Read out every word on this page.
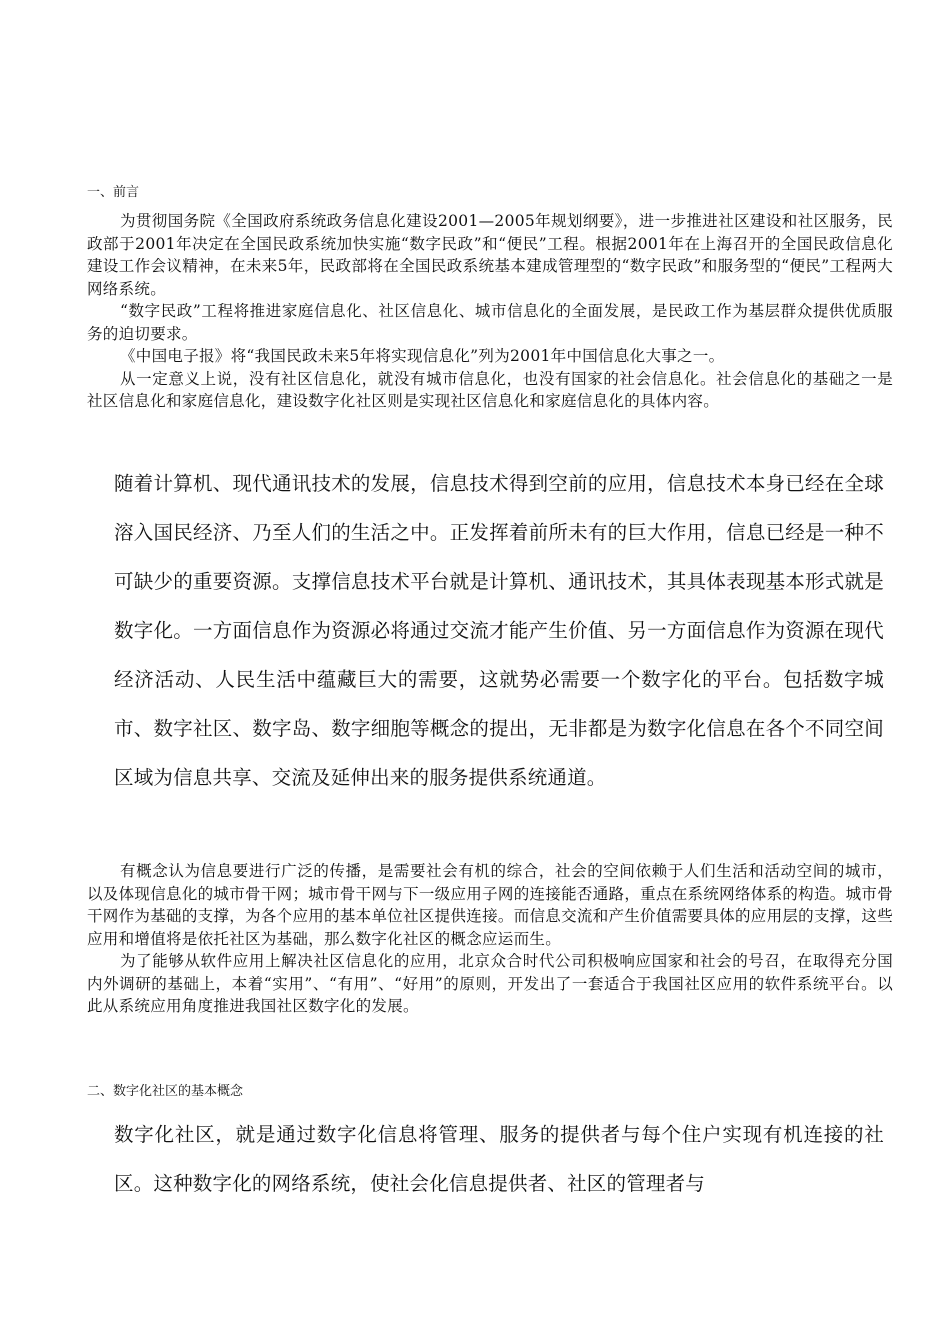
一、前言

为贯彻国务院《全国政府系统政务信息化建设2001—2005年规划纲要》，进一步推进社区建设和社区服务，民政部于2001年决定在全国民政系统加快实施“数字民政”和“便民”工程。根据2001年在上海召开的全国民政信息化建设工作会议精神，在未来5年，民政部将在全国民政系统基本建成管理型的“数字民政”和服务型的“便民”工程两大网络系统。

“数字民政”工程将推进家庭信息化、社区信息化、城市信息化的全面发展，是民政工作为基层群众提供优质服务的迫切要求。

《中国电子报》将“我国民政未来5年将实现信息化”列为2001年中国信息化大事之一。

从一定意义上说，没有社区信息化，就没有城市信息化，也没有国家的社会信息化。社会信息化的基础之一是社区信息化和家庭信息化，建设数字化社区则是实现社区信息化和家庭信息化的具体内容。

随着计算机、现代通讯技术的发展，信息技术得到空前的应用，信息技术本身已经在全球溶入国民经济、乃至人们的生活之中。正发挥着前所未有的巨大作用，信息已经是一种不可缺少的重要资源。支撑信息技术平台就是计算机、通讯技术，其具体表现基本形式就是数字化。一方面信息作为资源必将通过交流才能产生价值、另一方面信息作为资源在现代经济活动、人民生活中蕴藏巨大的需要，这就势必需要一个数字化的平台。包括数字城市、数字社区、数字岛、数字细胞等概念的提出，无非都是为数字化信息在各个不同空间区域为信息共享、交流及延伸出来的服务提供系统通道。

有概念认为信息要进行广泛的传播，是需要社会有机的综合，社会的空间依赖于人们生活和活动空间的城市，以及体现信息化的城市骨干网；城市骨干网与下一级应用子网的连接能否通路，重点在系统网络体系的构造。城市骨干网作为基础的支撑，为各个应用的基本单位社区提供连接。而信息交流和产生价值需要具体的应用层的支撑，这些应用和增值将是依托社区为基础，那么数字化社区的概念应运而生。

为了能够从软件应用上解决社区信息化的应用，北京众合时代公司积极响应国家和社会的号召，在取得充分国内外调研的基础上，本着“实用”、“有用”、“好用”的原则，开发出了一套适合于我国社区应用的软件系统平台。以此从系统应用角度推进我国社区数字化的发展。

二、数字化社区的基本概念

数字化社区，就是通过数字化信息将管理、服务的提供者与每个住户实现有机连接的社区。这种数字化的网络系统，使社会化信息提供者、社区的管理者与
